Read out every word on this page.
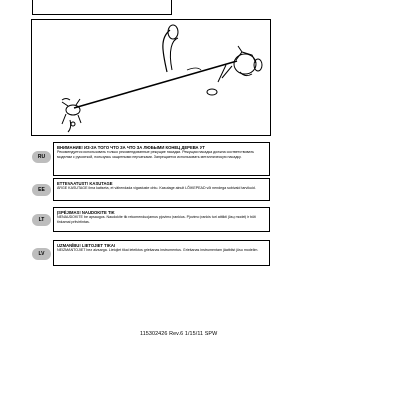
RU
ВНИМАНИЕ! ИЗ-ЗА ТОГО ЧТО ЗА ЧТО ЗА ЛЮБЫМИ КОНЕЦ ДЕРЕВА УТ
Рекомендуется использовать только рекомендованные режущие насадки. Режущая насадка должна соответствовать моделям с рукояткой, пользуясь защитными перчатками. Запрещается использовать металлическую насадку.
EE
ETTEVAATUST! KASUTAGE
ÄRGE KASUTAGE ilma kaitseta, et vähendada vigastuste ohtu. Kasutage ainult LÕIKEPEAD või nendega sobivaid tarvikuid.
LT
ĮSPĖJIMAS! NAUDOKITE TIK
NENAUDOKITE be apsaugos. Naudokite tik rekomenduojamus pjovimo įrankius. Pjovimo įrankis turi atitikti jūsų modelį ir būti tinkamai pritvirtintas.
LV
UZMANĪBU! LIETOJIET TIKAI
NEIZMANTOJIET bez aizsarga. Lietojiet tikai ieteiktos griešanas instrumentus. Griešanas instrumentam jāatbilst jūsu modelim.
115302426 Rev.6 1/15/11 SPW
